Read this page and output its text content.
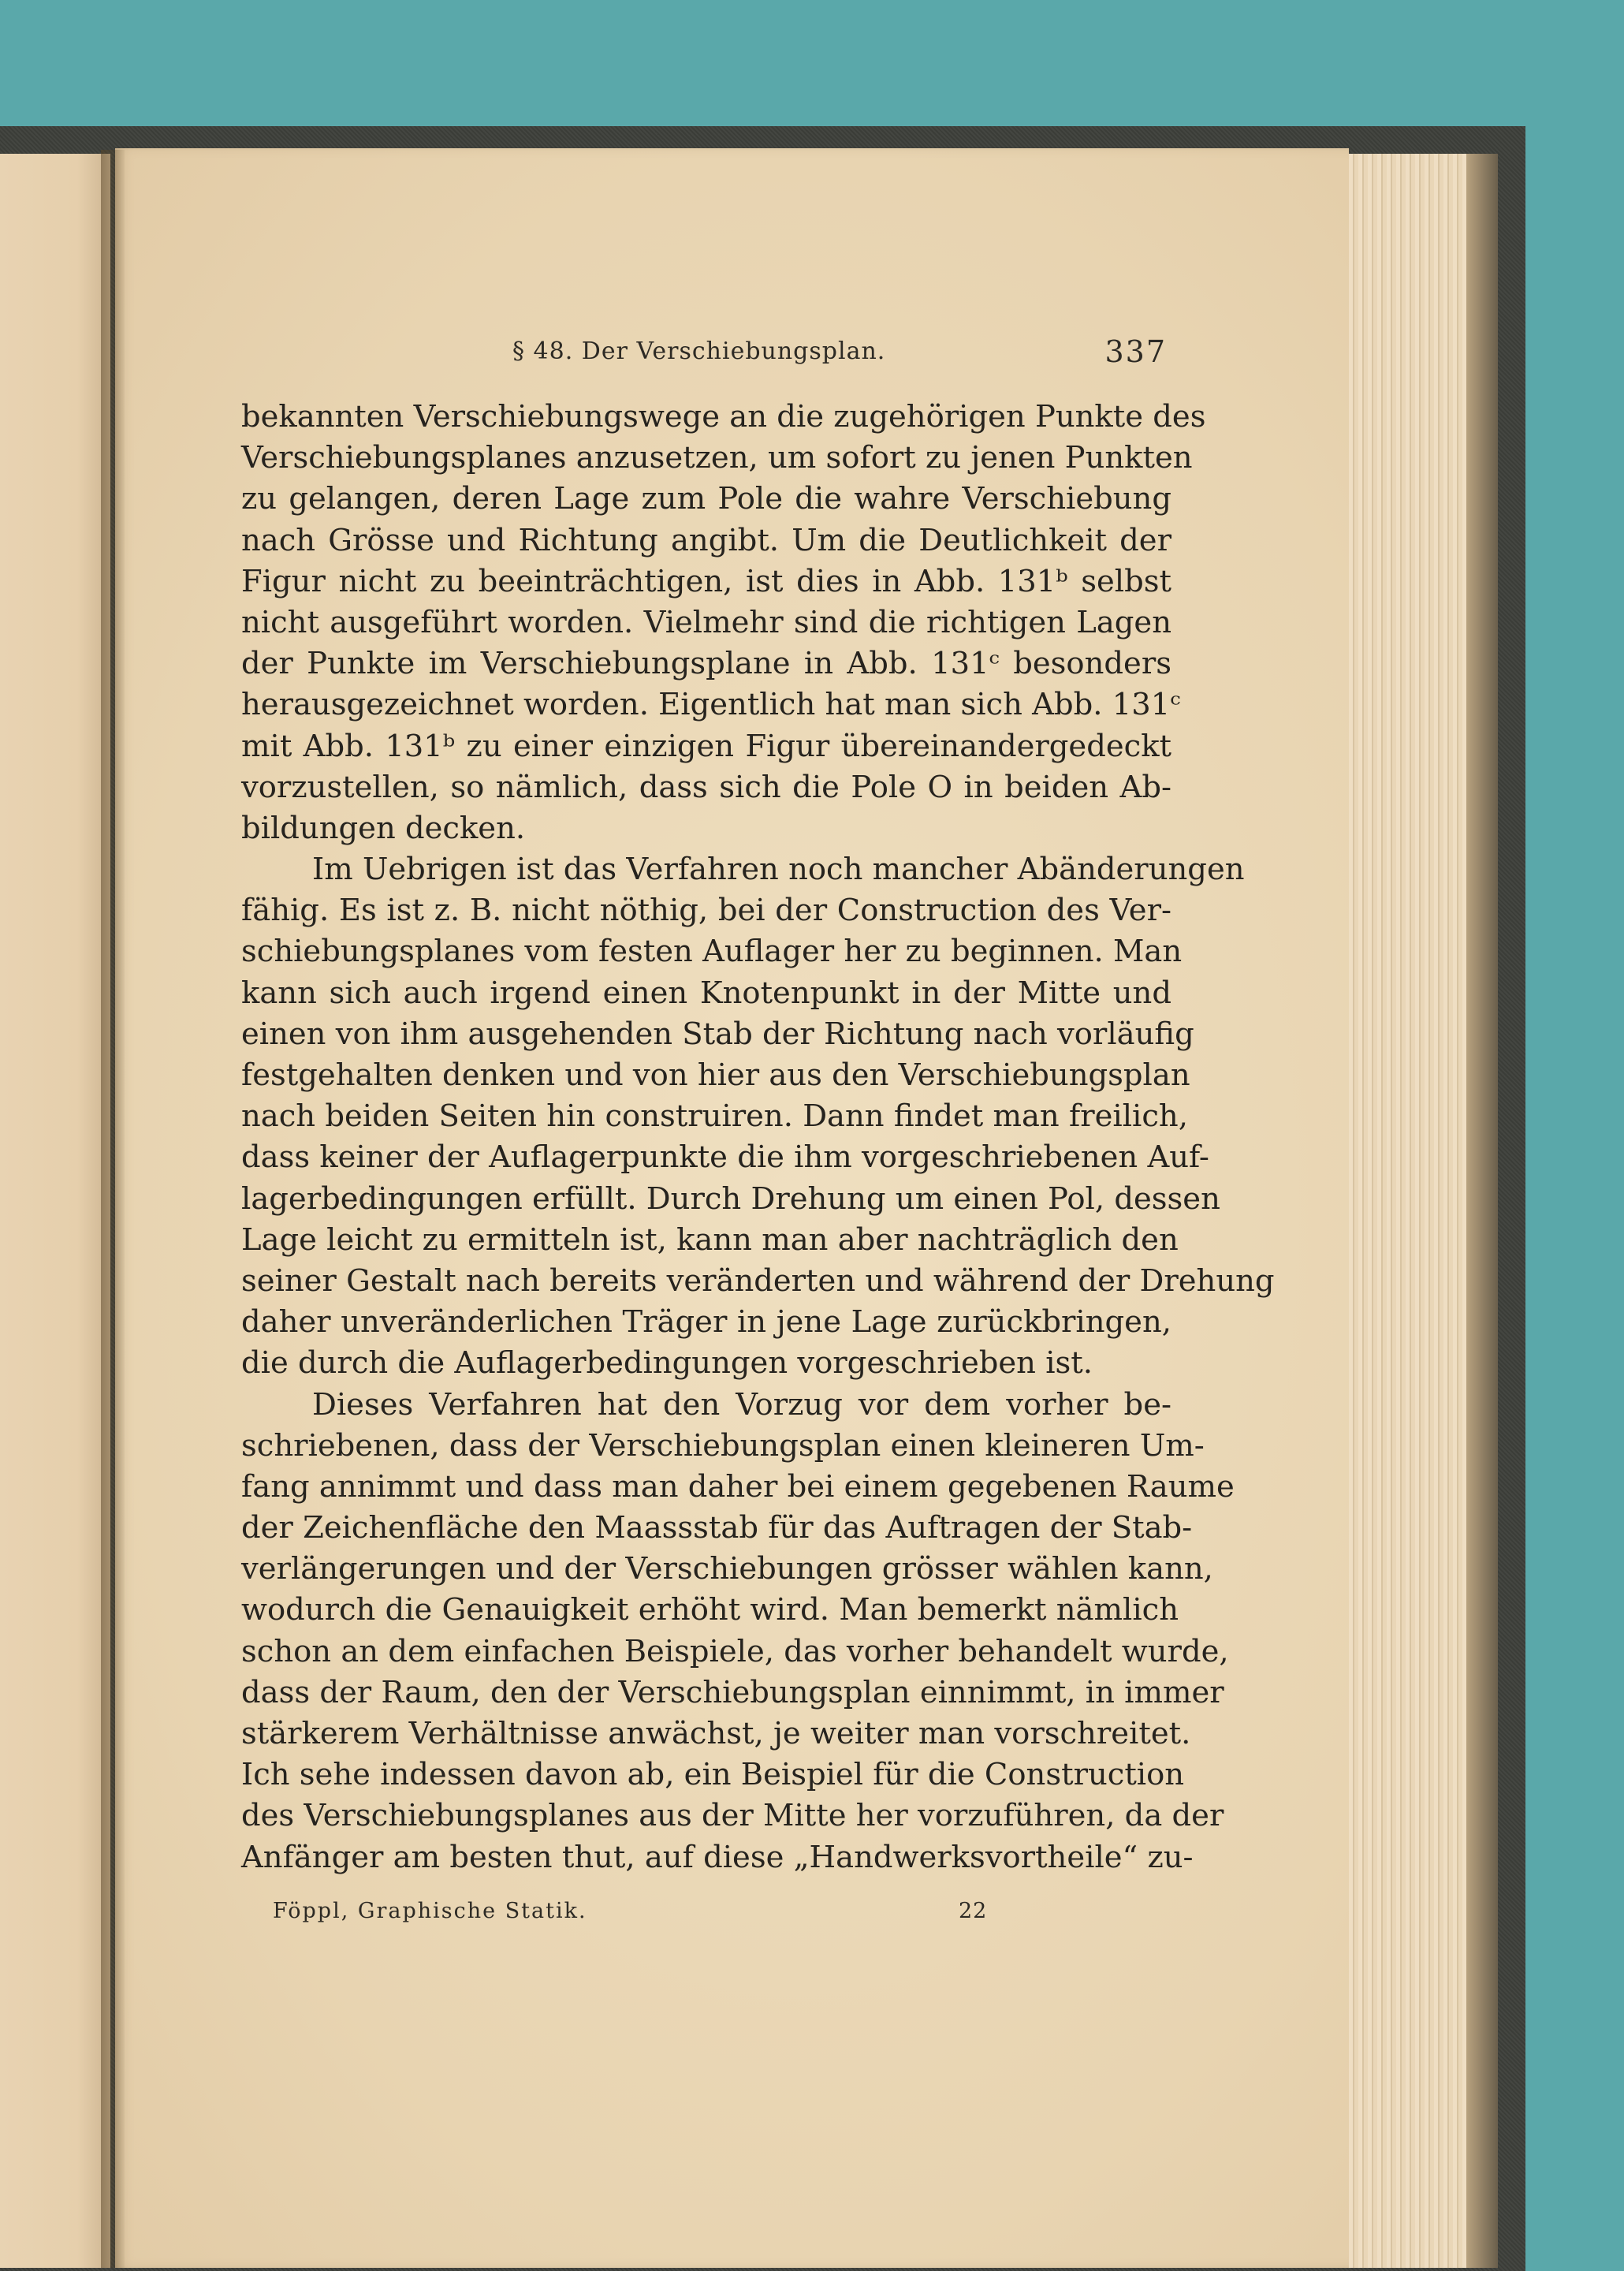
§ 48. Der Verschiebungsplan.	337
bekannten Verschiebungswege an die zugehörigen Punkte des
Verschiebungsplanes anzusetzen, um sofort zu jenen Punkten
zu gelangen, deren Lage zum Pole die wahre Verschiebung
nach Grösse und Richtung angibt. Um die Deutlichkeit der
Figur nicht zu beeinträchtigen, ist dies in Abb. 131ᵇ selbst
nicht ausgeführt worden. Vielmehr sind die richtigen Lagen
der Punkte im Verschiebungsplane in Abb. 131ᶜ besonders
herausgezeichnet worden. Eigentlich hat man sich Abb. 131ᶜ
mit Abb. 131ᵇ zu einer einzigen Figur übereinandergedeckt
vorzustellen, so nämlich, dass sich die Pole O in beiden Ab-
bildungen decken.
Im Uebrigen ist das Verfahren noch mancher Abänderungen
fähig. Es ist z. B. nicht nöthig, bei der Construction des Ver-
schiebungsplanes vom festen Auflager her zu beginnen. Man
kann sich auch irgend einen Knotenpunkt in der Mitte und
einen von ihm ausgehenden Stab der Richtung nach vorläufig
festgehalten denken und von hier aus den Verschiebungsplan
nach beiden Seiten hin construiren. Dann findet man freilich,
dass keiner der Auflagerpunkte die ihm vorgeschriebenen Auf-
lagerbedingungen erfüllt. Durch Drehung um einen Pol, dessen
Lage leicht zu ermitteln ist, kann man aber nachträglich den
seiner Gestalt nach bereits veränderten und während der Drehung
daher unveränderlichen Träger in jene Lage zurückbringen,
die durch die Auflagerbedingungen vorgeschrieben ist.
Dieses Verfahren hat den Vorzug vor dem vorher be-
schriebenen, dass der Verschiebungsplan einen kleineren Um-
fang annimmt und dass man daher bei einem gegebenen Raume
der Zeichenfläche den Maassstab für das Auftragen der Stab-
verlängerungen und der Verschiebungen grösser wählen kann,
wodurch die Genauigkeit erhöht wird. Man bemerkt nämlich
schon an dem einfachen Beispiele, das vorher behandelt wurde,
dass der Raum, den der Verschiebungsplan einnimmt, in immer
stärkerem Verhältnisse anwächst, je weiter man vorschreitet.
Ich sehe indessen davon ab, ein Beispiel für die Construction
des Verschiebungsplanes aus der Mitte her vorzuführen, da der
Anfänger am besten thut, auf diese „Handwerksvortheile“ zu-
Föppl, Graphische Statik.	22
